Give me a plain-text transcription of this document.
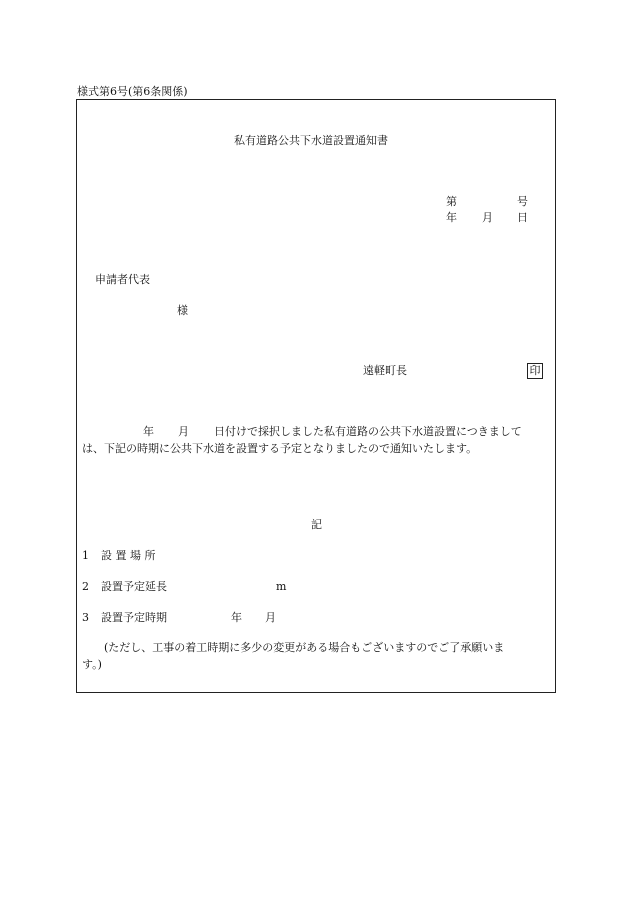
様式第6号(第6条関係)
私有道路公共下水道設置通知書
第	号
年 月 日
申請者代表
様
遠軽町長	印
年 月 日付けで採択しました私有道路の公共下水道設置につきまして
は、下記の時期に公共下水道を設置する予定となりましたので通知いたします。
記
1 設 置 場 所
2 設置予定延長	m
3 設置予定時期	年 月
(ただし、工事の着工時期に多少の変更がある場合もございますのでご了承願いま
す。)
